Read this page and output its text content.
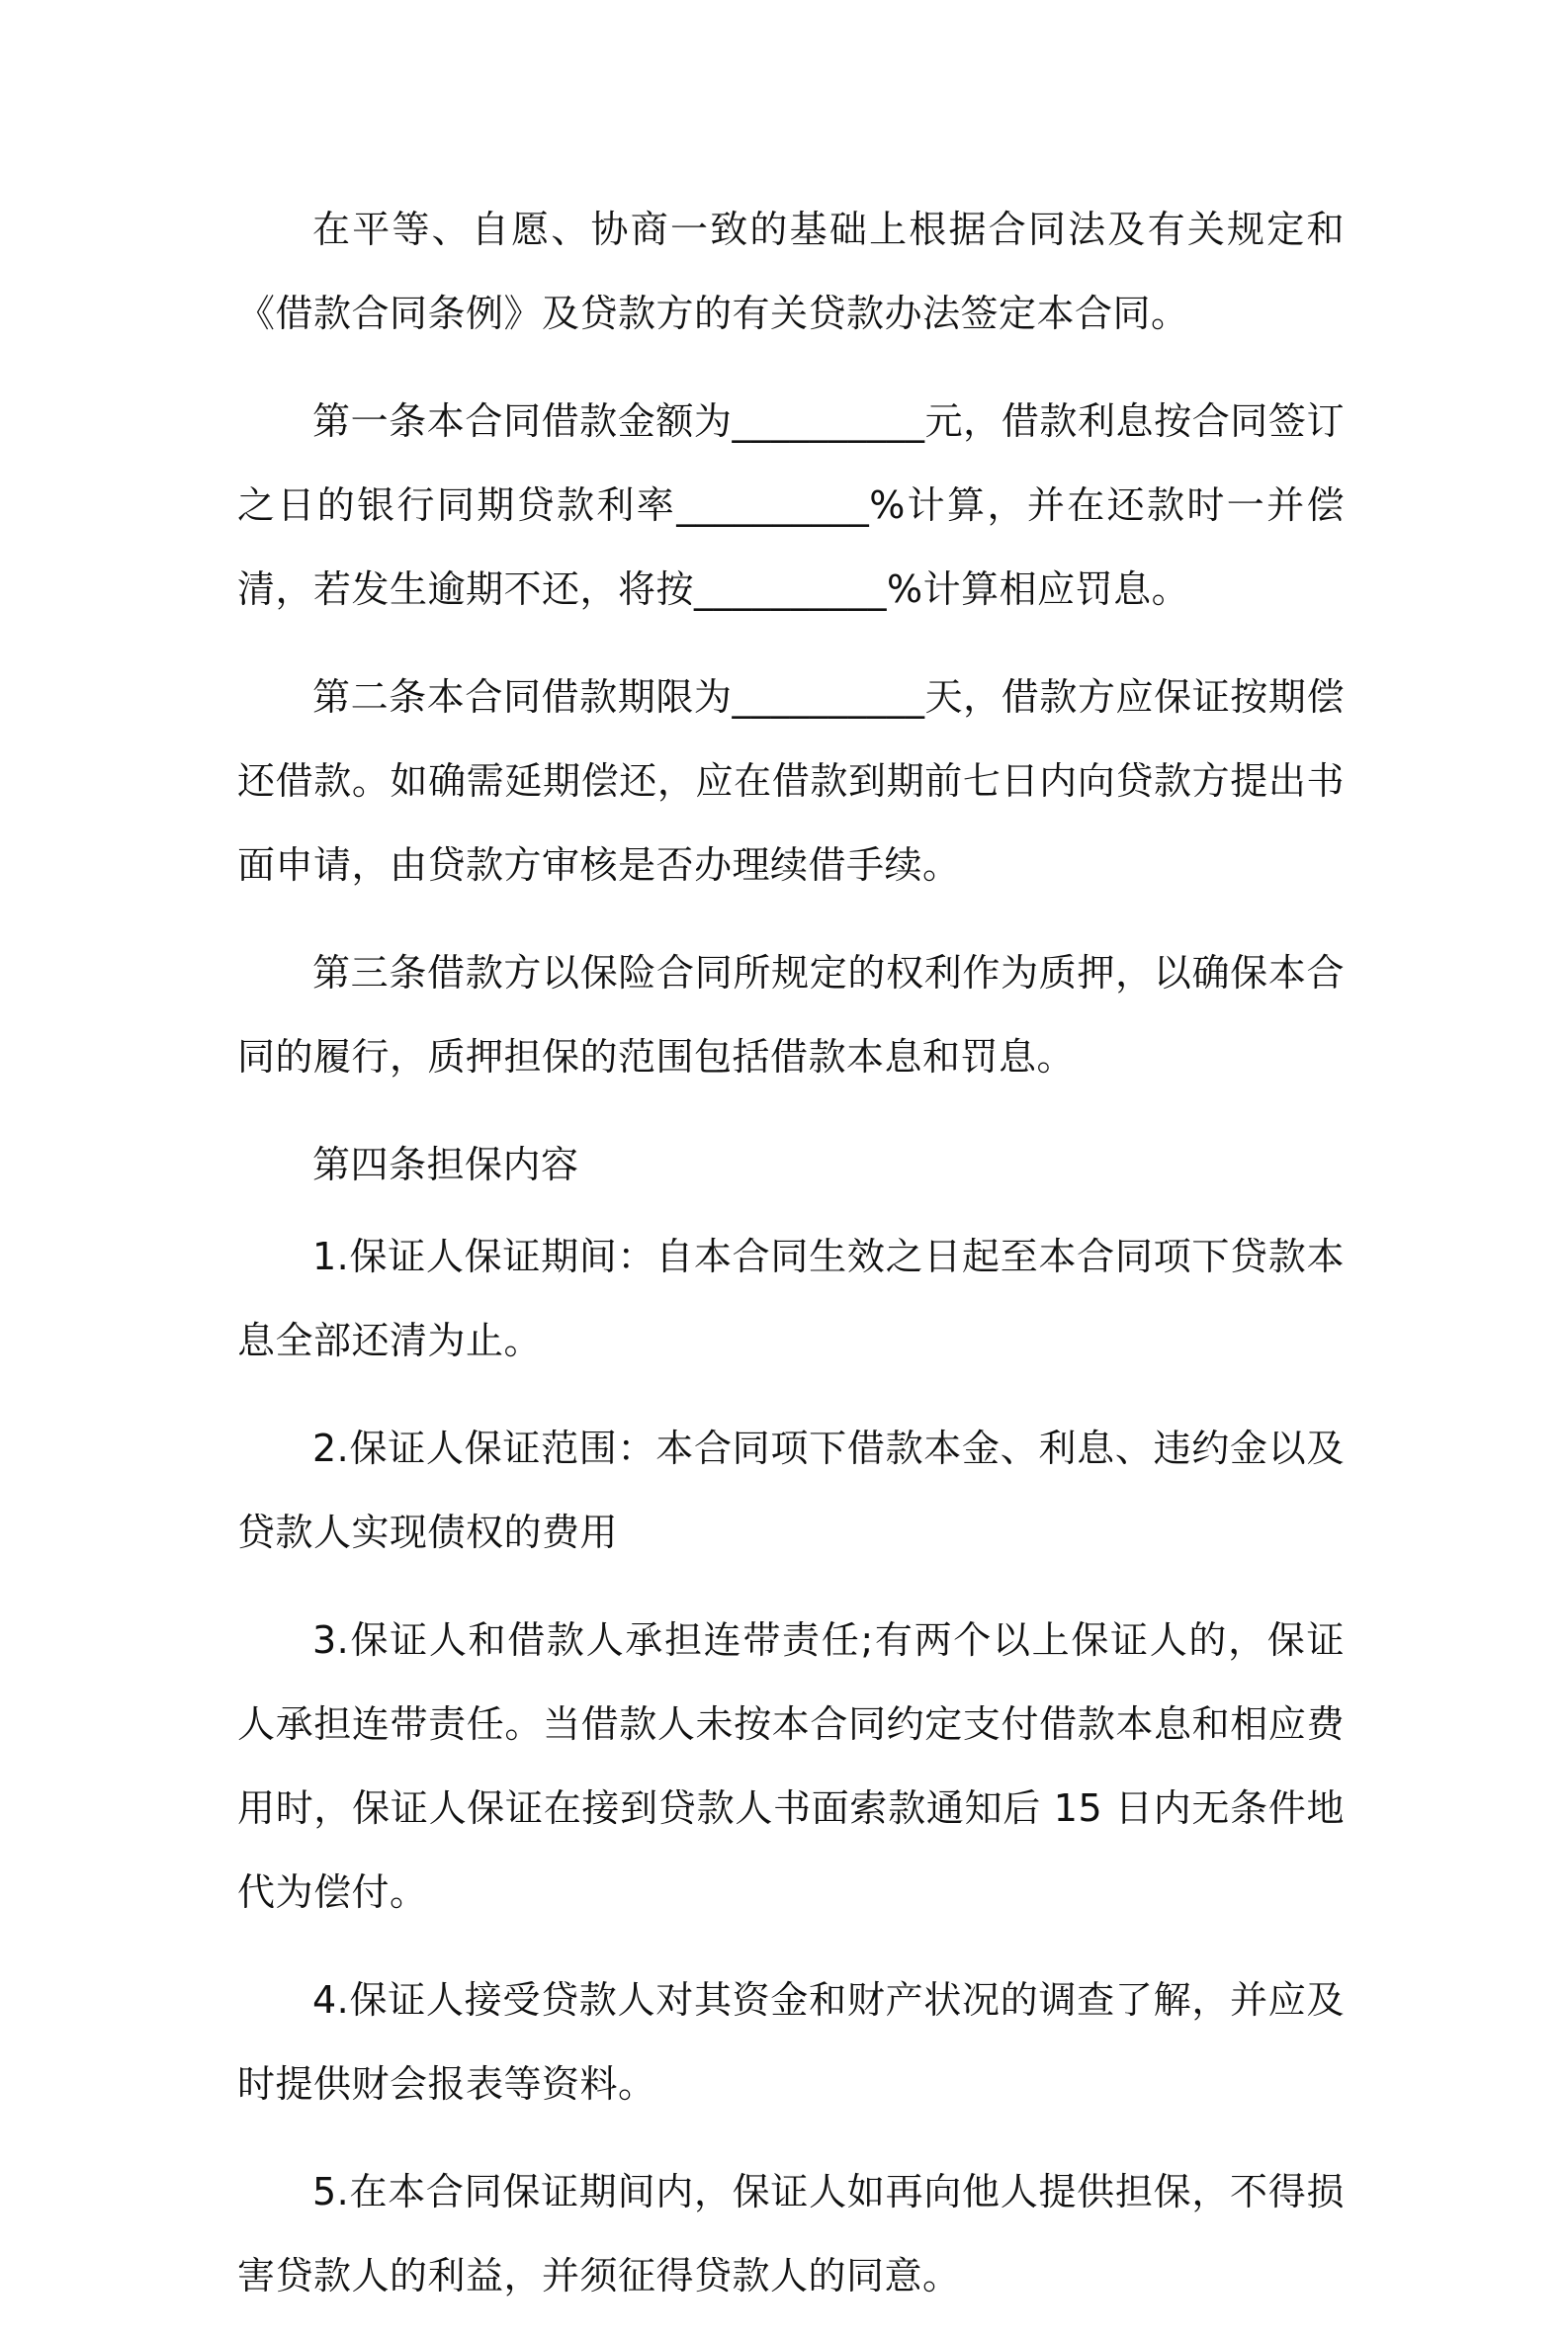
在平等、自愿、协商一致的基础上根据合同法及有关规定和《借款合同条例》及贷款方的有关贷款办法签定本合同。

第一条本合同借款金额为__________元，借款利息按合同签订之日的银行同期贷款利率__________%计算，并在还款时一并偿清，若发生逾期不还，将按__________%计算相应罚息。

第二条本合同借款期限为__________天，借款方应保证按期偿还借款。如确需延期偿还，应在借款到期前七日内向贷款方提出书面申请，由贷款方审核是否办理续借手续。

第三条借款方以保险合同所规定的权利作为质押，以确保本合同的履行，质押担保的范围包括借款本息和罚息。

第四条担保内容

1.保证人保证期间：自本合同生效之日起至本合同项下贷款本息全部还清为止。

2.保证人保证范围：本合同项下借款本金、利息、违约金以及贷款人实现债权的费用

3.保证人和借款人承担连带责任;有两个以上保证人的，保证人承担连带责任。当借款人未按本合同约定支付借款本息和相应费用时，保证人保证在接到贷款人书面索款通知后 15 日内无条件地代为偿付。

4.保证人接受贷款人对其资金和财产状况的调查了解，并应及时提供财会报表等资料。

5.在本合同保证期间内，保证人如再向他人提供担保，不得损害贷款人的利益，并须征得贷款人的同意。
